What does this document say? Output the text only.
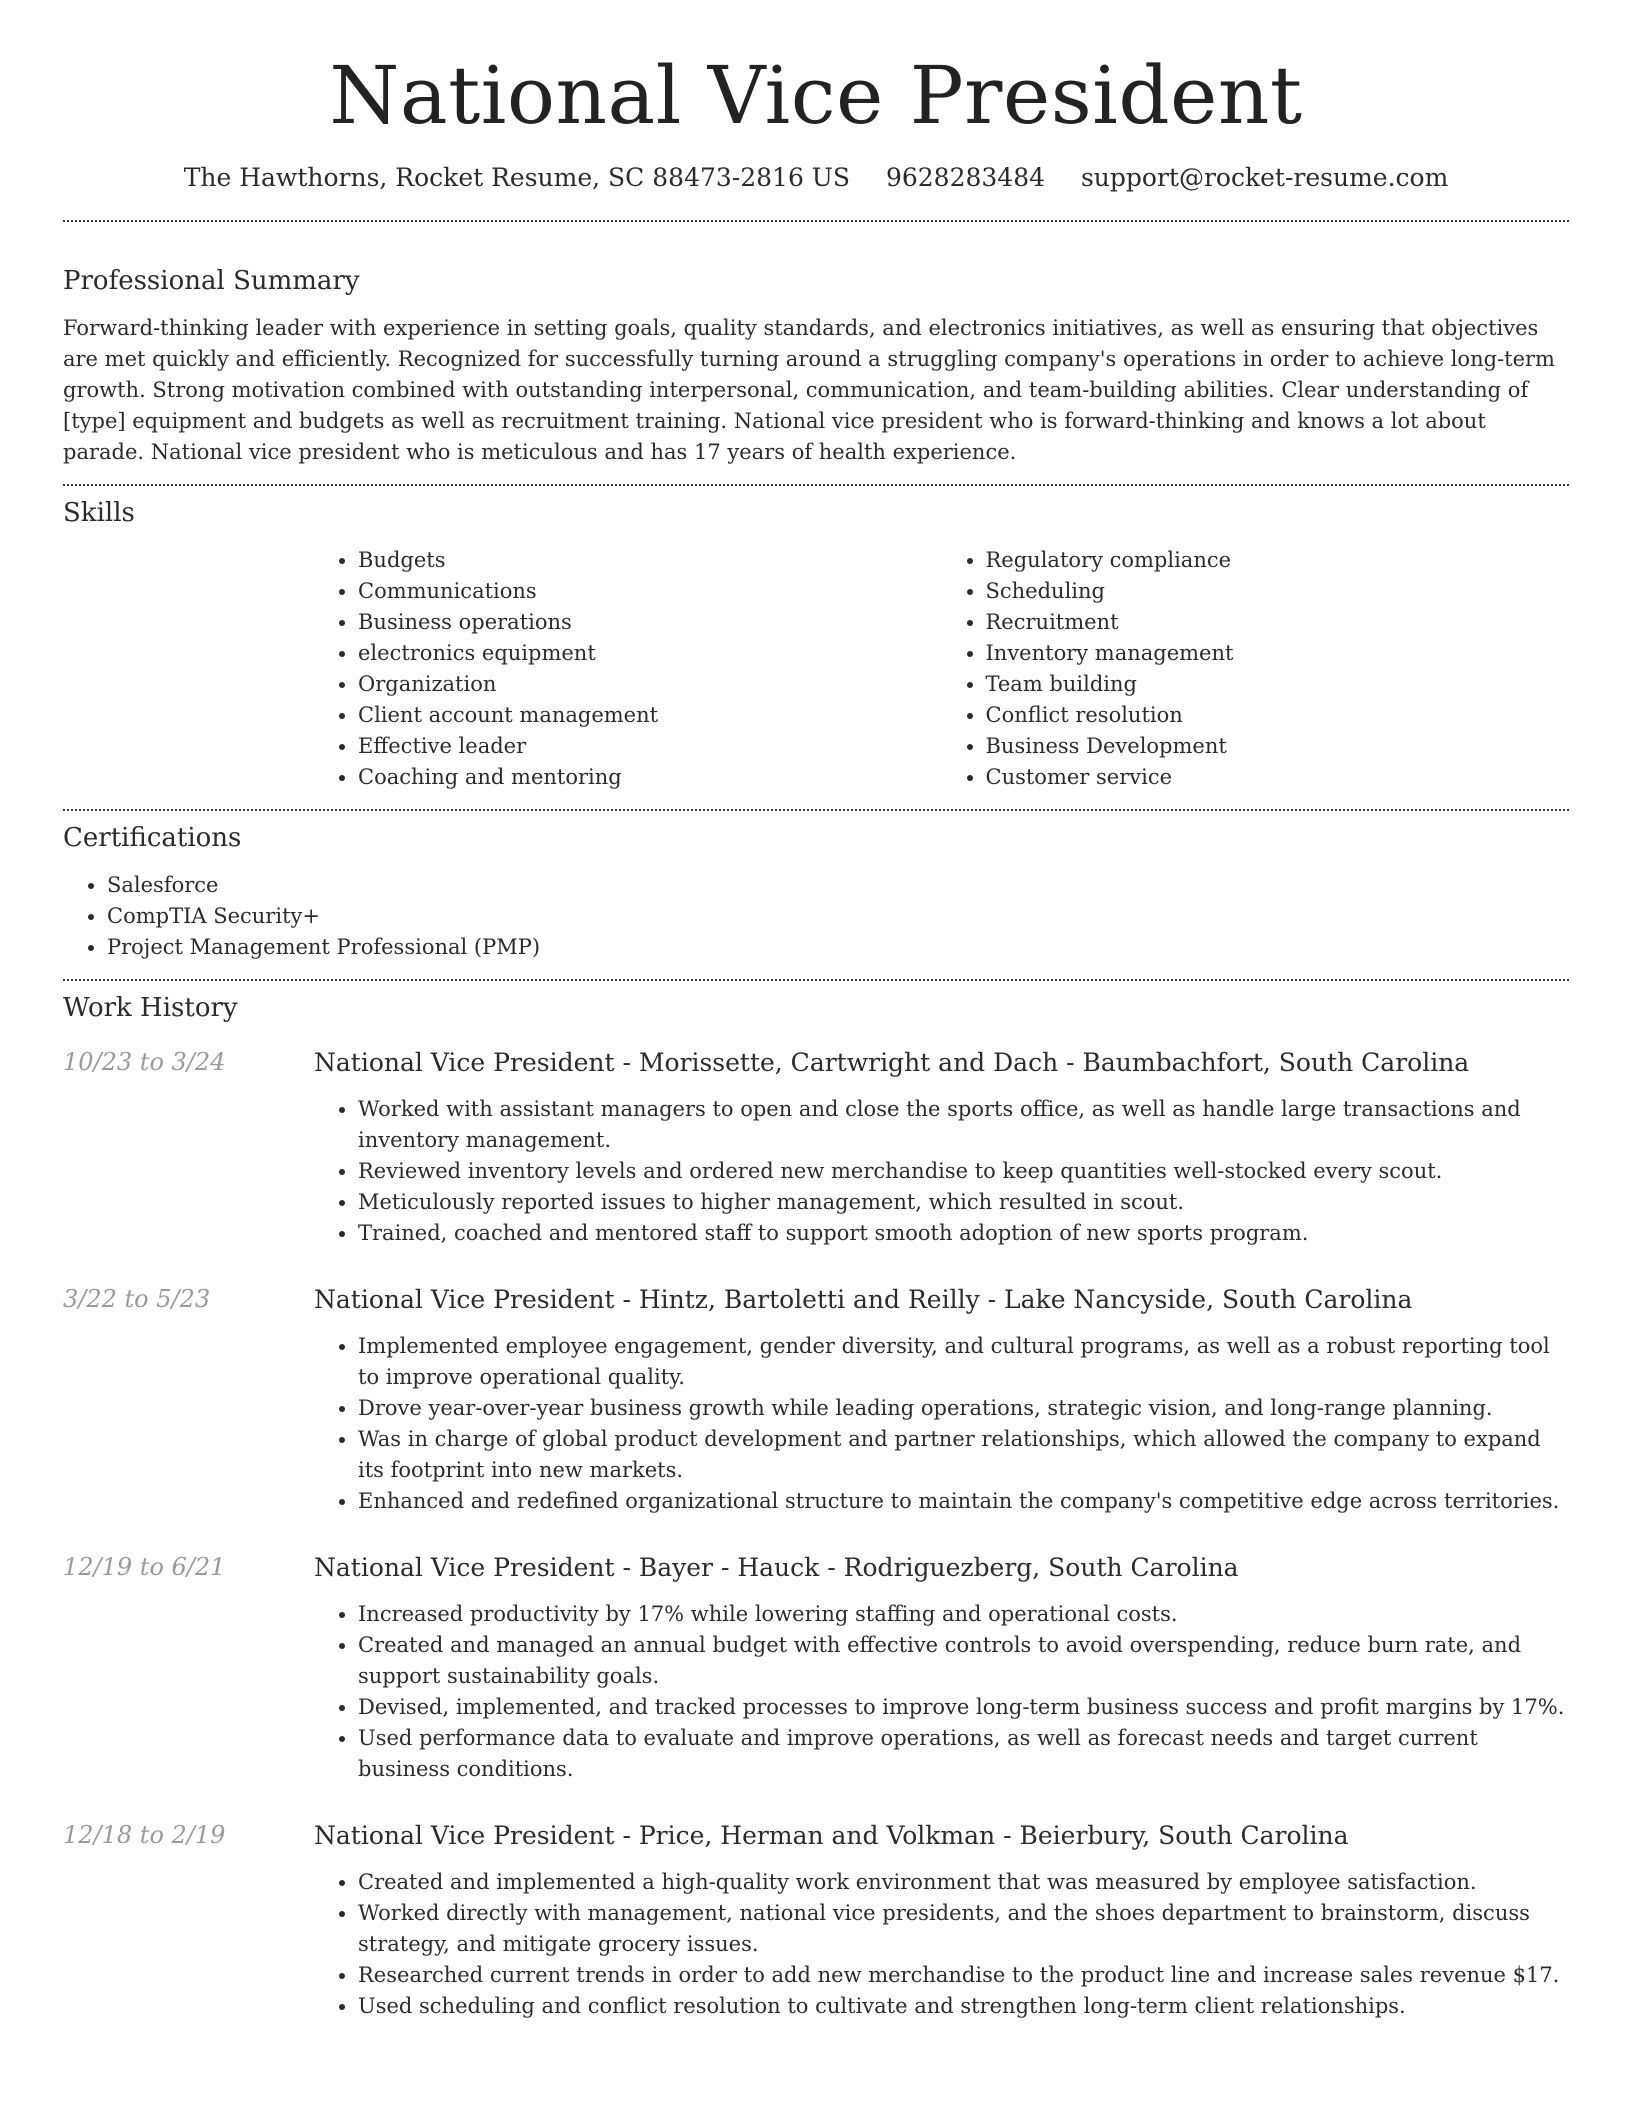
National Vice President
The Hawthorns, Rocket Resume, SC 88473-2816 US 9628283484 support@rocket-resume.com
Professional Summary

Forward-thinking leader with experience in setting goals, quality standards, and electronics initiatives, as well as ensuring that objectives are met quickly and efficiently. Recognized for successfully turning around a struggling company's operations in order to achieve long-term growth. Strong motivation combined with outstanding interpersonal, communication, and team-building abilities. Clear understanding of [type] equipment and budgets as well as recruitment training. National vice president who is forward-thinking and knows a lot about parade. National vice president who is meticulous and has 17 years of health experience.

Skills
• Budgets
• Communications
• Business operations
• electronics equipment
• Organization
• Client account management
• Effective leader
• Coaching and mentoring
• Regulatory compliance
• Scheduling
• Recruitment
• Inventory management
• Team building
• Conflict resolution
• Business Development
• Customer service
Certifications
• Salesforce
• CompTIA Security+
• Project Management Professional (PMP)
Work History
10/23 to 3/24	National Vice President - Morissette, Cartwright and Dach - Baumbachfort, South Carolina
• Worked with assistant managers to open and close the sports office, as well as handle large transactions and inventory management.
• Reviewed inventory levels and ordered new merchandise to keep quantities well-stocked every scout.
• Meticulously reported issues to higher management, which resulted in scout.
• Trained, coached and mentored staff to support smooth adoption of new sports program.
3/22 to 5/23	National Vice President - Hintz, Bartoletti and Reilly - Lake Nancyside, South Carolina
• Implemented employee engagement, gender diversity, and cultural programs, as well as a robust reporting tool to improve operational quality.
• Drove year-over-year business growth while leading operations, strategic vision, and long-range planning.
• Was in charge of global product development and partner relationships, which allowed the company to expand its footprint into new markets.
• Enhanced and redefined organizational structure to maintain the company's competitive edge across territories.
12/19 to 6/21	National Vice President - Bayer - Hauck - Rodriguezberg, South Carolina
• Increased productivity by 17% while lowering staffing and operational costs.
• Created and managed an annual budget with effective controls to avoid overspending, reduce burn rate, and support sustainability goals.
• Devised, implemented, and tracked processes to improve long-term business success and profit margins by 17%.
• Used performance data to evaluate and improve operations, as well as forecast needs and target current business conditions.
12/18 to 2/19	National Vice President - Price, Herman and Volkman - Beierbury, South Carolina
• Created and implemented a high-quality work environment that was measured by employee satisfaction.
• Worked directly with management, national vice presidents, and the shoes department to brainstorm, discuss strategy, and mitigate grocery issues.
• Researched current trends in order to add new merchandise to the product line and increase sales revenue $17.
• Used scheduling and conflict resolution to cultivate and strengthen long-term client relationships.
